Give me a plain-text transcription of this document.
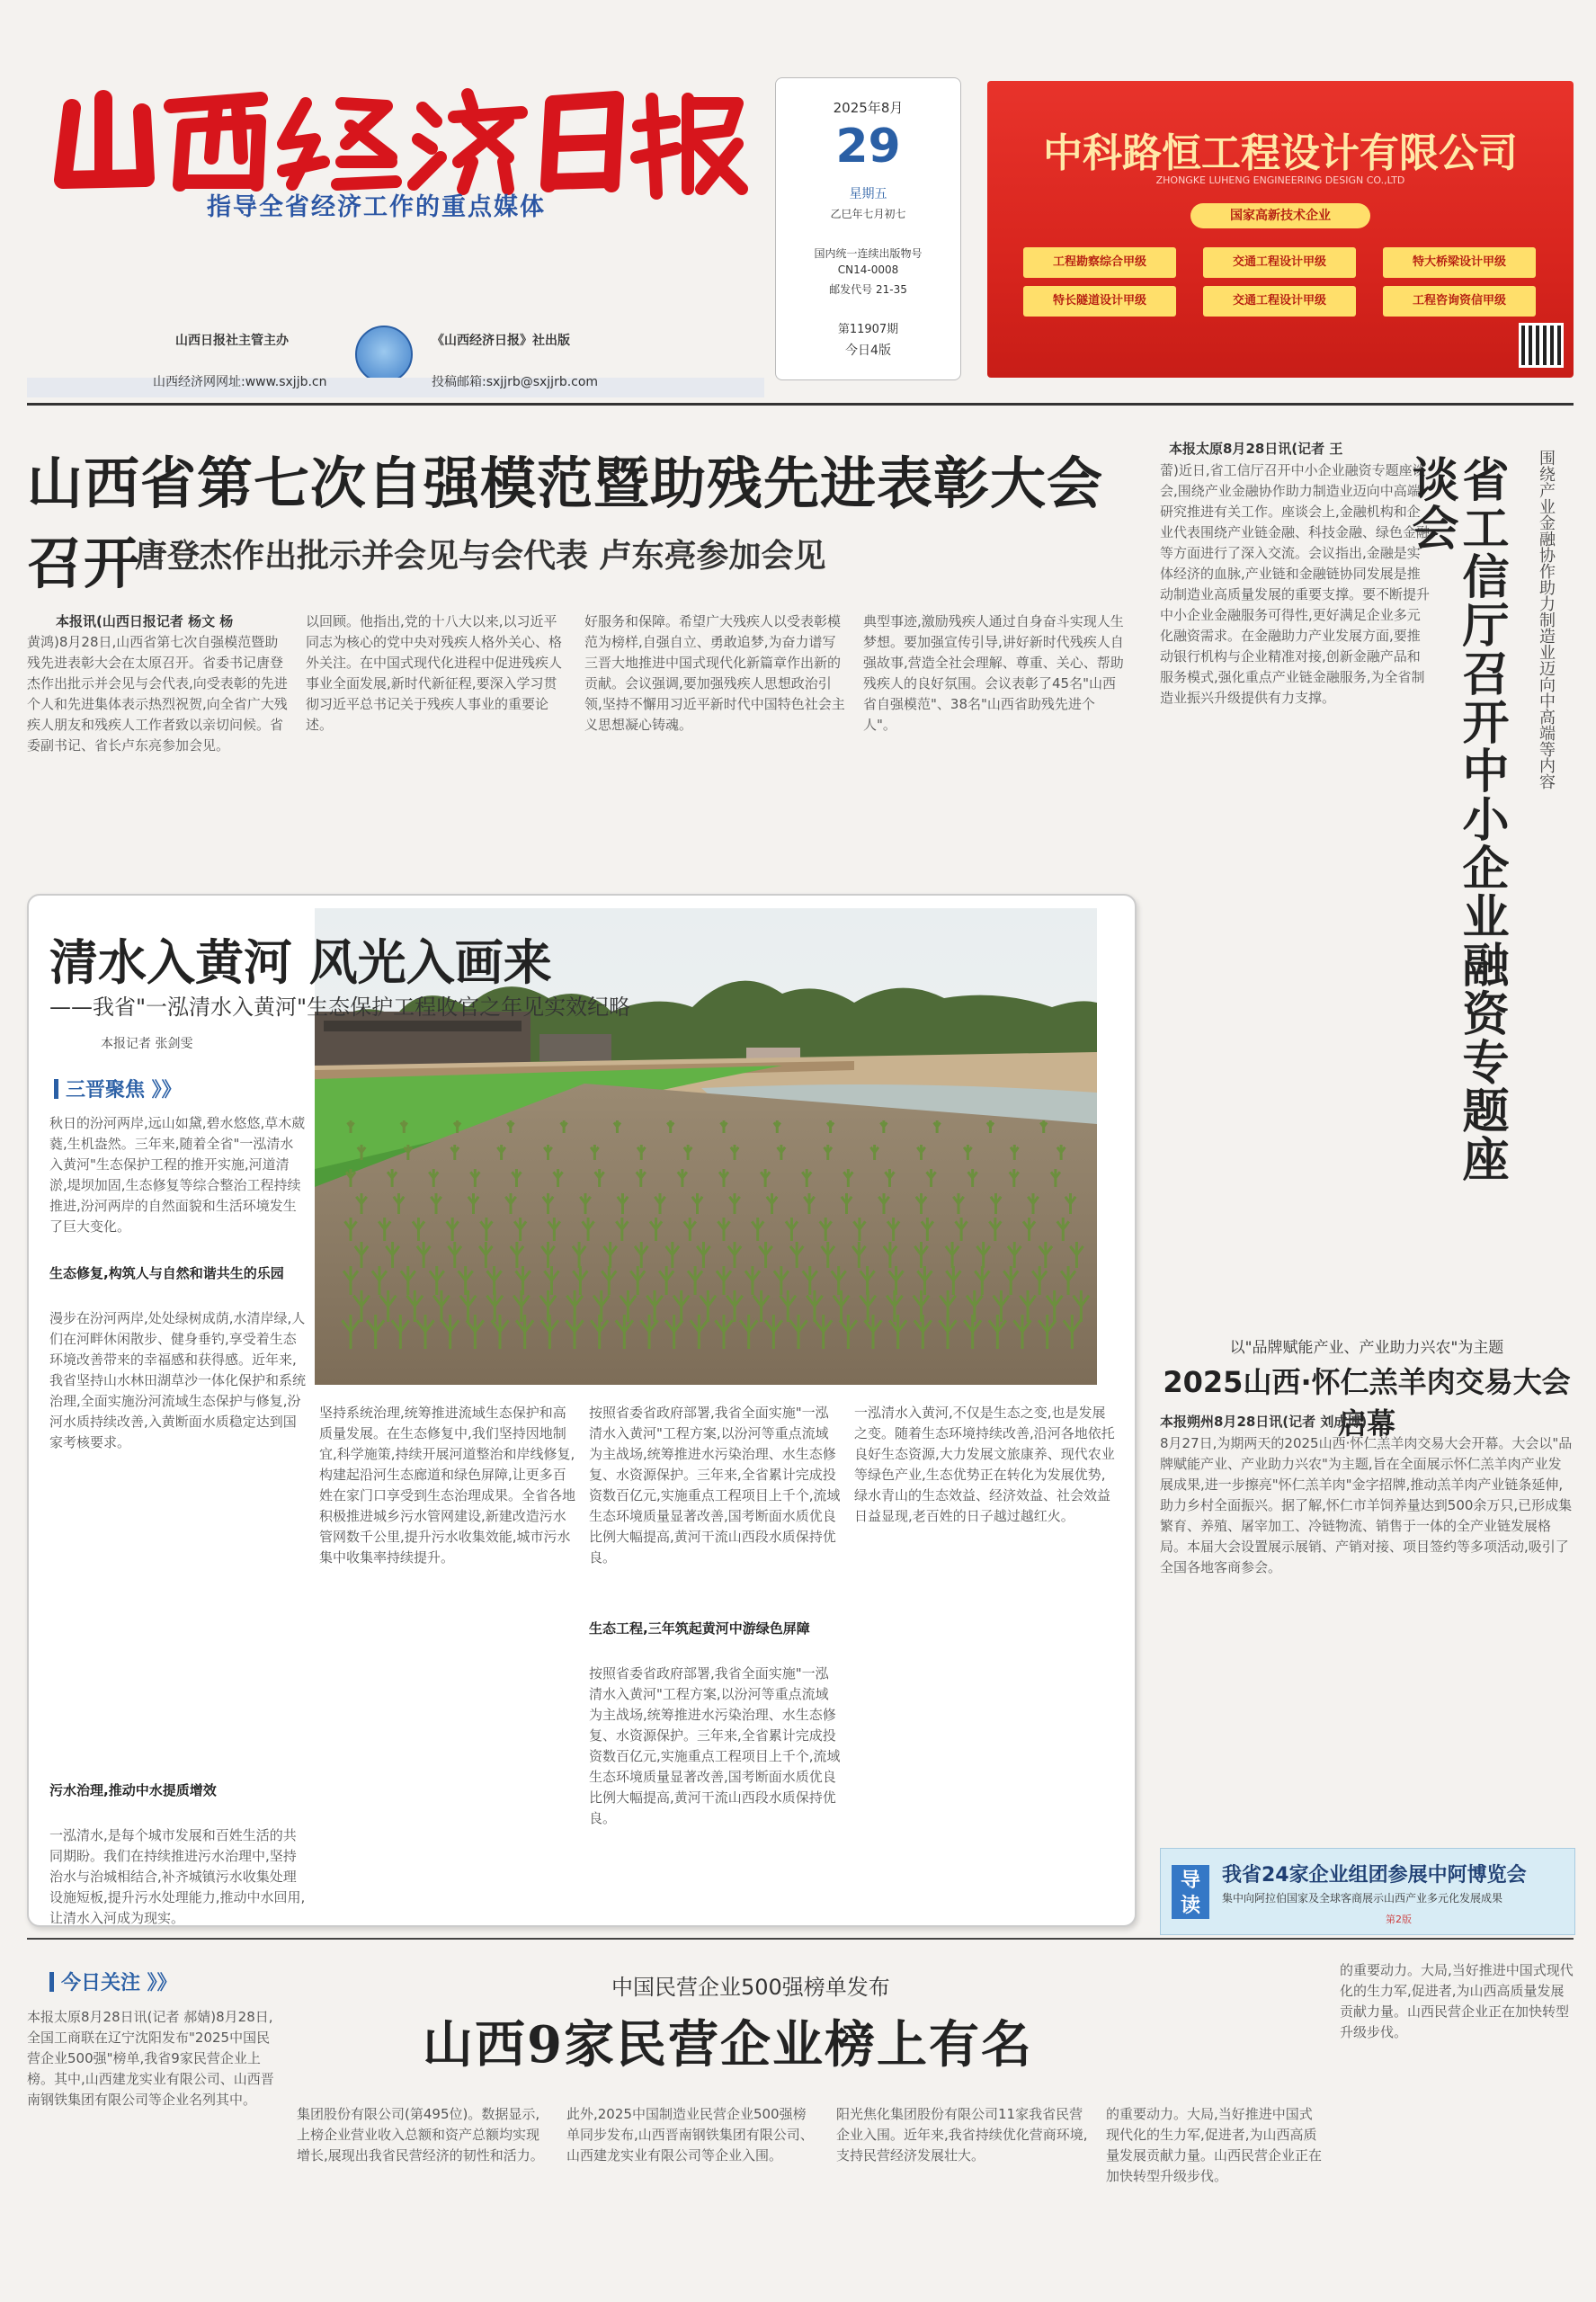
指导全省经济工作的重点媒体
山西日报社主管主办	《山西经济日报》社出版
山西经济网网址:www.sxjjb.cn	投稿邮箱:sxjjrb@sxjjrb.com
2025年8月
29
星期五
乙巳年七月初七
国内统一连续出版物号
CN14-0008
邮发代号 21-35
第11907期
今日4版
中科路恒工程设计有限公司
ZHONGKE LUHENG ENGINEERING DESIGN CO.,LTD
国家高新技术企业
工程勘察综合甲级	交通工程设计甲级	特大桥梁设计甲级
特长隧道设计甲级	交通工程设计甲级	工程咨询资信甲级
山西省第七次自强模范暨助残先进表彰大会召开
唐登杰作出批示并会见与会代表 卢东亮参加会见
本报讯(山西日报记者 杨文 杨
黄鸿)8月28日,山西省第七次自强模范暨助残先进表彰大会在太原召开。省委书记唐登杰作出批示并会见与会代表,向受表彰的先进个人和先进集体表示热烈祝贺,向全省广大残疾人朋友和残疾人工作者致以亲切问候。省委副书记、省长卢东亮参加会见。
以回顾。他指出,党的十八大以来,以习近平同志为核心的党中央对残疾人格外关心、格外关注。在中国式现代化进程中促进残疾人事业全面发展,新时代新征程,要深入学习贯彻习近平总书记关于残疾人事业的重要论述。
好服务和保障。希望广大残疾人以受表彰模范为榜样,自强自立、勇敢追梦,为奋力谱写三晋大地推进中国式现代化新篇章作出新的贡献。会议强调,要加强残疾人思想政治引领,坚持不懈用习近平新时代中国特色社会主义思想凝心铸魂。
典型事迹,激励残疾人通过自身奋斗实现人生梦想。要加强宣传引导,讲好新时代残疾人自强故事,营造全社会理解、尊重、关心、帮助残疾人的良好氛围。会议表彰了45名"山西省自强模范"、38名"山西省助残先进个人"。
本报太原8月28日讯(记者 王
蕾)近日,省工信厅召开中小企业融资专题座谈会,围绕产业金融协作助力制造业迈向中高端,研究推进有关工作。座谈会上,金融机构和企业代表围绕产业链金融、科技金融、绿色金融等方面进行了深入交流。会议指出,金融是实体经济的血脉,产业链和金融链协同发展是推动制造业高质量发展的重要支撑。要不断提升中小企业金融服务可得性,更好满足企业多元化融资需求。在金融助力产业发展方面,要推动银行机构与企业精准对接,创新金融产品和服务模式,强化重点产业链金融服务,为全省制造业振兴升级提供有力支撑。	省工信厅召开中小企业融资专题座谈会	围绕产业金融协作助力制造业迈向中高端等内容
以"品牌赋能产业、产业助力兴农"为主题
2025山西·怀仁羔羊肉交易大会启幕
本报朔州8月28日讯(记者 刘成博)
8月27日,为期两天的2025山西·怀仁羔羊肉交易大会开幕。大会以"品牌赋能产业、产业助力兴农"为主题,旨在全面展示怀仁羔羊肉产业发展成果,进一步擦亮"怀仁羔羊肉"金字招牌,推动羔羊肉产业链条延伸,助力乡村全面振兴。据了解,怀仁市羊饲养量达到500余万只,已形成集繁育、养殖、屠宰加工、冷链物流、销售于一体的全产业链发展格局。本届大会设置展示展销、产销对接、项目签约等多项活动,吸引了全国各地客商参会。
导读
我省24家企业组团参展中阿博览会
集中向阿拉伯国家及全球客商展示山西产业多元化发展成果
第2版
清水入黄河 风光入画来
——我省"一泓清水入黄河"生态保护工程收官之年见实效纪略
本报记者 张剑雯
三晋聚焦 》》
秋日的汾河两岸,远山如黛,碧水悠悠,草木葳蕤,生机盎然。三年来,随着全省"一泓清水入黄河"生态保护工程的推开实施,河道清淤,堤坝加固,生态修复等综合整治工程持续推进,汾河两岸的自然面貌和生活环境发生了巨大变化。
生态修复,构筑人与自然和谐共生的乐园
漫步在汾河两岸,处处绿树成荫,水清岸绿,人们在河畔休闲散步、健身垂钓,享受着生态环境改善带来的幸福感和获得感。近年来,我省坚持山水林田湖草沙一体化保护和系统治理,全面实施汾河流域生态保护与修复,汾河水质持续改善,入黄断面水质稳定达到国家考核要求。
污水治理,推动中水提质增效
一泓清水,是每个城市发展和百姓生活的共同期盼。我们在持续推进污水治理中,坚持治水与治城相结合,补齐城镇污水收集处理设施短板,提升污水处理能力,推动中水回用,让清水入河成为现实。
坚持系统治理,统筹推进流域生态保护和高质量发展。在生态修复中,我们坚持因地制宜,科学施策,持续开展河道整治和岸线修复,构建起沿河生态廊道和绿色屏障,让更多百姓在家门口享受到生态治理成果。全省各地积极推进城乡污水管网建设,新建改造污水管网数千公里,提升污水收集效能,城市污水集中收集率持续提升。
生态工程,三年筑起黄河中游绿色屏障
按照省委省政府部署,我省全面实施"一泓清水入黄河"工程方案,以汾河等重点流域为主战场,统筹推进水污染治理、水生态修复、水资源保护。三年来,全省累计完成投资数百亿元,实施重点工程项目上千个,流域生态环境质量显著改善,国考断面水质优良比例大幅提高,黄河干流山西段水质保持优良。
按照省委省政府部署,我省全面实施"一泓清水入黄河"工程方案,以汾河等重点流域为主战场,统筹推进水污染治理、水生态修复、水资源保护。三年来,全省累计完成投资数百亿元,实施重点工程项目上千个,流域生态环境质量显著改善,国考断面水质优良比例大幅提高,黄河干流山西段水质保持优良。
一泓清水入黄河,不仅是生态之变,也是发展之变。随着生态环境持续改善,沿河各地依托良好生态资源,大力发展文旅康养、现代农业等绿色产业,生态优势正在转化为发展优势,绿水青山的生态效益、经济效益、社会效益日益显现,老百姓的日子越过越红火。
今日关注 》》	中国民营企业500强榜单发布
山西9家民营企业榜上有名
本报太原8月28日讯(记者 郝婧)8月28日,全国工商联在辽宁沈阳发布"2025中国民营企业500强"榜单,我省9家民营企业上榜。其中,山西建龙实业有限公司、山西晋南钢铁集团有限公司等企业名列其中。
集团股份有限公司(第495位)。数据显示,上榜企业营业收入总额和资产总额均实现增长,展现出我省民营经济的韧性和活力。
此外,2025中国制造业民营企业500强榜单同步发布,山西晋南钢铁集团有限公司、山西建龙实业有限公司等企业入围。
阳光焦化集团股份有限公司11家我省民营企业入围。近年来,我省持续优化营商环境,支持民营经济发展壮大。
的重要动力。大局,当好推进中国式现代化的生力军,促进者,为山西高质量发展贡献力量。山西民营企业正在加快转型升级步伐。
的重要动力。大局,当好推进中国式现代化的生力军,促进者,为山西高质量发展贡献力量。山西民营企业正在加快转型升级步伐。
